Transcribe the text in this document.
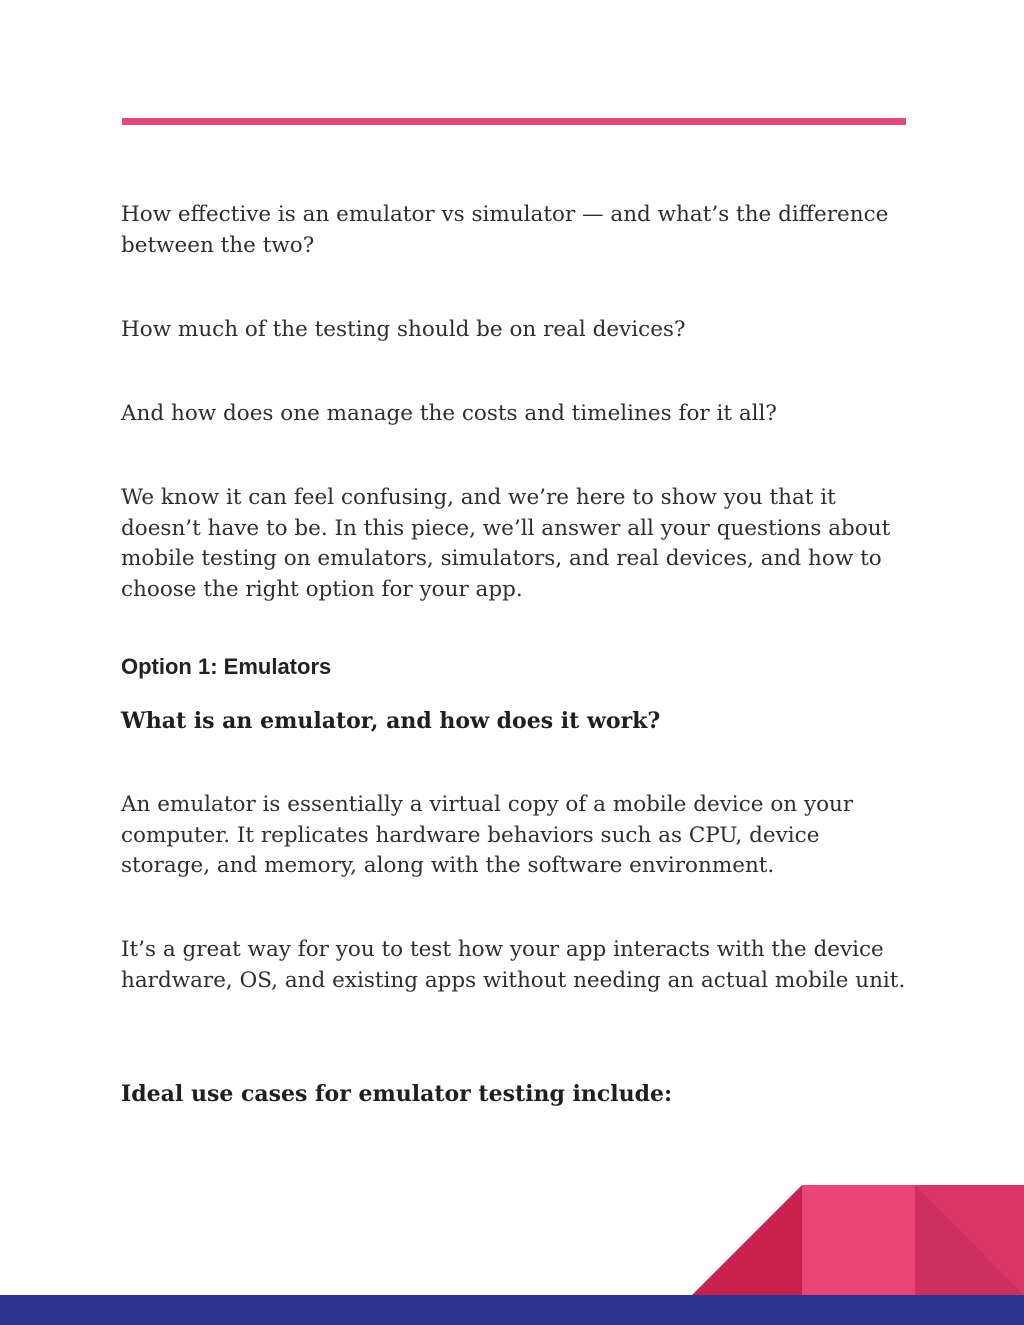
How effective is an emulator vs simulator — and what’s the difference between the two?

How much of the testing should be on real devices?

And how does one manage the costs and timelines for it all?

We know it can feel confusing, and we’re here to show you that it doesn’t have to be. In this piece, we’ll answer all your questions about mobile testing on emulators, simulators, and real devices, and how to choose the right option for your app.

Option 1: Emulators
What is an emulator, and how does it work?

An emulator is essentially a virtual copy of a mobile device on your computer. It replicates hardware behaviors such as CPU, device storage, and memory, along with the software environment.

It’s a great way for you to test how your app interacts with the device hardware, OS, and existing apps without needing an actual mobile unit.

Ideal use cases for emulator testing include:
